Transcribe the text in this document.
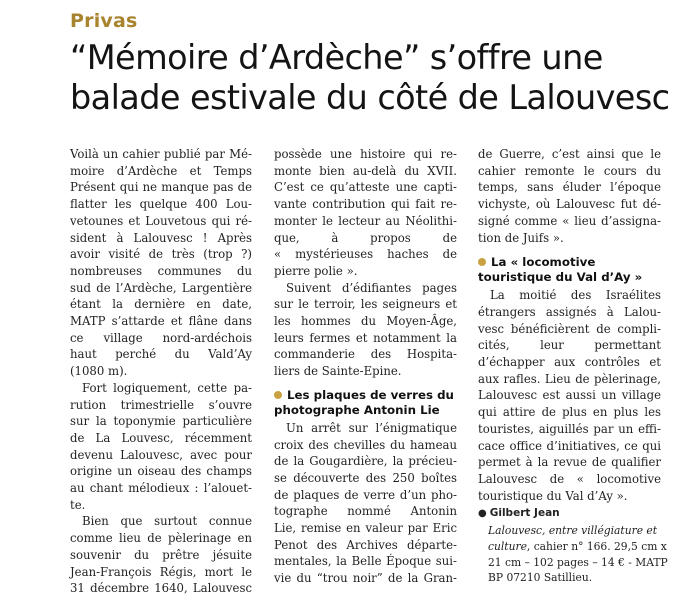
Privas
“Mémoire d’Ardèche” s’offre une
balade estivale du côté de Lalouvesc
Voilà un cahier publié par Mé-
moire d’Ardèche et Temps
Présent qui ne manque pas de
flatter les quelque 400 Lou-
vetounes et Louvetous qui ré-
sident à Lalouvesc ! Après
avoir visité de très (trop ?)
nombreuses communes du
sud de l’Ardèche, Largentière
étant la dernière en date,
MATP s’attarde et flâne dans
ce village nord-ardéchois
haut perché du Vald’Ay
(1080 m).
Fort logiquement, cette pa-
rution trimestrielle s’ouvre
sur la toponymie particulière
de La Louvesc, récemment
devenu Lalouvesc, avec pour
origine un oiseau des champs
au chant mélodieux : l’alouet-
te.
Bien que surtout connue
comme lieu de pèlerinage en
souvenir du prêtre jésuite
Jean-François Régis, mort le
31 décembre 1640, Lalouvesc
possède une histoire qui re-
monte bien au-delà du XVII.
C’est ce qu’atteste une capti-
vante contribution qui fait re-
monter le lecteur au Néolithi-
que, à propos de
« mystérieuses haches de
pierre polie ».
Suivent d’édifiantes pages
sur le terroir, les seigneurs et
les hommes du Moyen-Âge,
leurs fermes et notamment la
commanderie des Hospita-
liers de Sainte-Epine.
Les plaques de verres du
photographe Antonin Lie
Un arrêt sur l’énigmatique
croix des chevilles du hameau
de la Gougardière, la précieu-
se découverte des 250 boîtes
de plaques de verre d’un pho-
tographe nommé Antonin
Lie, remise en valeur par Eric
Penot des Archives départe-
mentales, la Belle Époque sui-
vie du “trou noir” de la Gran-
de Guerre, c’est ainsi que le
cahier remonte le cours du
temps, sans éluder l’époque
vichyste, où Lalouvesc fut dé-
signé comme « lieu d’assigna-
tion de Juifs ».
La « locomotive
touristique du Val d’Ay »
La moitié des Israélites
étrangers assignés à Lalou-
vesc bénéficièrent de compli-
cités, leur permettant
d’échapper aux contrôles et
aux rafles. Lieu de pèlerinage,
Lalouvesc est aussi un village
qui attire de plus en plus les
touristes, aiguillés par un effi-
cace office d’initiatives, ce qui
permet à la revue de qualifier
Lalouvesc de « locomotive
touristique du Val d’Ay ».
● Gilbert Jean
Lalouvesc, entre villégiature et
culture, cahier n° 166. 29,5 cm x
21 cm – 102 pages – 14 € - MATP
BP 07210 Satillieu.
